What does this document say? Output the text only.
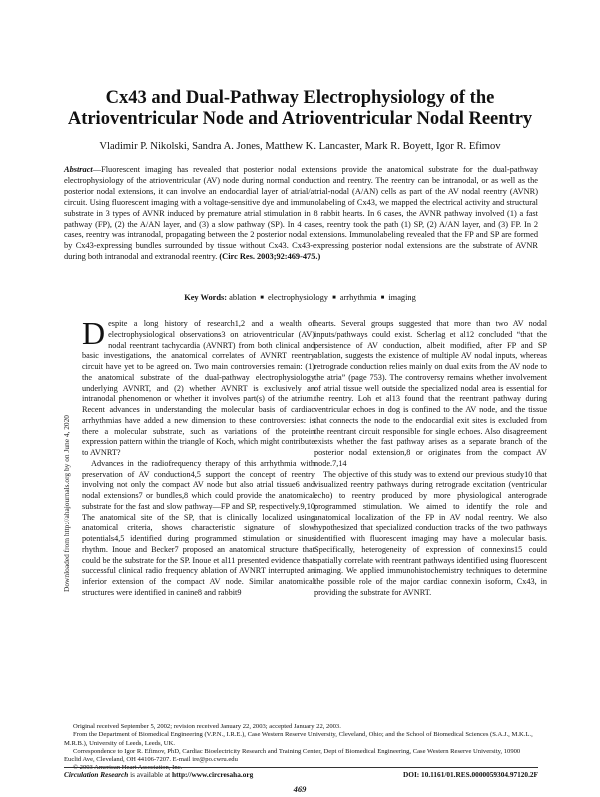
Cx43 and Dual-Pathway Electrophysiology of the
Atrioventricular Node and Atrioventricular Nodal Reentry
Vladimir P. Nikolski, Sandra A. Jones, Matthew K. Lancaster, Mark R. Boyett, Igor R. Efimov
Abstract—Fluorescent imaging has revealed that posterior nodal extensions provide the anatomical substrate for the dual-pathway electrophysiology of the atrioventricular (AV) node during normal conduction and reentry. The reentry can be intranodal, or as well as the posterior nodal extensions, it can involve an endocardial layer of atrial/atrial-nodal (A/AN) cells as part of the AV nodal reentry (AVNR) circuit. Using fluorescent imaging with a voltage-sensitive dye and immunolabeling of Cx43, we mapped the electrical activity and structural substrate in 3 types of AVNR induced by premature atrial stimulation in 8 rabbit hearts. In 6 cases, the AVNR pathway involved (1) a fast pathway (FP), (2) the A/AN layer, and (3) a slow pathway (SP). In 4 cases, reentry took the path (1) SP, (2) A/AN layer, and (3) FP. In 2 cases, reentry was intranodal, propagating between the 2 posterior nodal extensions. Immunolabeling revealed that the FP and SP are formed by Cx43-expressing bundles surrounded by tissue without Cx43. Cx43-expressing posterior nodal extensions are the substrate of AVNR during both intranodal and extranodal reentry. (Circ Res. 2003;92:469-475.)
Key Words: ablation ■ electrophysiology ■ arrhythmia ■ imaging
Downloaded from http://ahajournals.org by on June 4, 2020

Despite a long history of research1,2 and a wealth of electrophysiological observations3 on atrioventricular (AV) nodal reentrant tachycardia (AVNRT) from both clinical and basic investigations, the anatomical correlates of AVNRT reentry circuit have yet to be agreed on. Two main controversies remain: (1) the anatomical substrate of the dual-pathway electrophysiology underlying AVNRT, and (2) whether AVNRT is exclusively an intranodal phenomenon or whether it involves part(s) of the atrium. Recent advances in understanding the molecular basis of cardiac arrhythmias have added a new dimension to these controversies: is there a molecular substrate, such as variations of the protein expression pattern within the triangle of Koch, which might contribute to AVNRT?

Advances in the radiofrequency therapy of this arrhythmia with preservation of AV conduction4,5 support the concept of reentry involving not only the compact AV node but also atrial tissue6 and nodal extensions7 or bundles,8 which could provide the anatomical substrate for the fast and slow pathway—FP and SP, respectively.9,10 The anatomical site of the SP, that is clinically localized using anatomical criteria, shows characteristic signature of slow potentials4,5 identified during programmed stimulation or sinus rhythm. Inoue and Becker7 proposed an anatomical structure that could be the substrate for the SP. Inoue et al11 presented evidence that successful clinical radio frequency ablation of AVNRT interrupted an inferior extension of the compact AV node. Similar anatomical structures were identified in canine8 and rabbit9

hearts. Several groups suggested that more than two AV nodal inputs/pathways could exist. Scherlag et al12 concluded “that the persistence of AV conduction, albeit modified, after FP and SP ablation, suggests the existence of multiple AV nodal inputs, whereas retrograde conduction relies mainly on dual exits from the AV node to the atria” (page 753). The controversy remains whether involvement of atrial tissue well outside the specialized nodal area is essential for the reentry. Loh et al13 found that the reentrant pathway during ventricular echoes in dog is confined to the AV node, and the tissue that connects the node to the endocardial exit sites is excluded from the reentrant circuit responsible for single echoes. Also disagreement exists whether the fast pathway arises as a separate branch of the posterior nodal extension,8 or originates from the compact AV node.7,14

The objective of this study was to extend our previous study10 that visualized reentry pathways during retrograde excitation (ventricular echo) to reentry produced by more physiological anterograde programmed stimulation. We aimed to identify the role and anatomical localization of the FP in AV nodal reentry. We also hypothesized that specialized conduction tracks of the two pathways identified with fluorescent imaging may have a molecular basis. Specifically, heterogeneity of expression of connexins15 could spatially correlate with reentrant pathways identified using fluorescent imaging. We applied immunohistochemistry techniques to determine the possible role of the major cardiac connexin isoform, Cx43, in providing the substrate for AVNRT.

Original received September 5, 2002; revision received January 22, 2003; accepted January 22, 2003.
From the Department of Biomedical Engineering (V.P.N., I.R.E.), Case Western Reserve University, Cleveland, Ohio; and the School of Biomedical Sciences (S.A.J., M.K.L., M.R.B.), University of Leeds, Leeds, UK.
Correspondence to Igor R. Efimov, PhD, Cardiac Bioelectricity Research and Training Center, Dept of Biomedical Engineering, Case Western Reserve University, 10900 Euclid Ave, Cleveland, OH 44106-7207. E-mail ire@po.cwru.edu
© 2003 American Heart Association, Inc.
Circulation Research is available at http://www.circresaha.org	DOI: 10.1161/01.RES.0000059304.97120.2F
469
